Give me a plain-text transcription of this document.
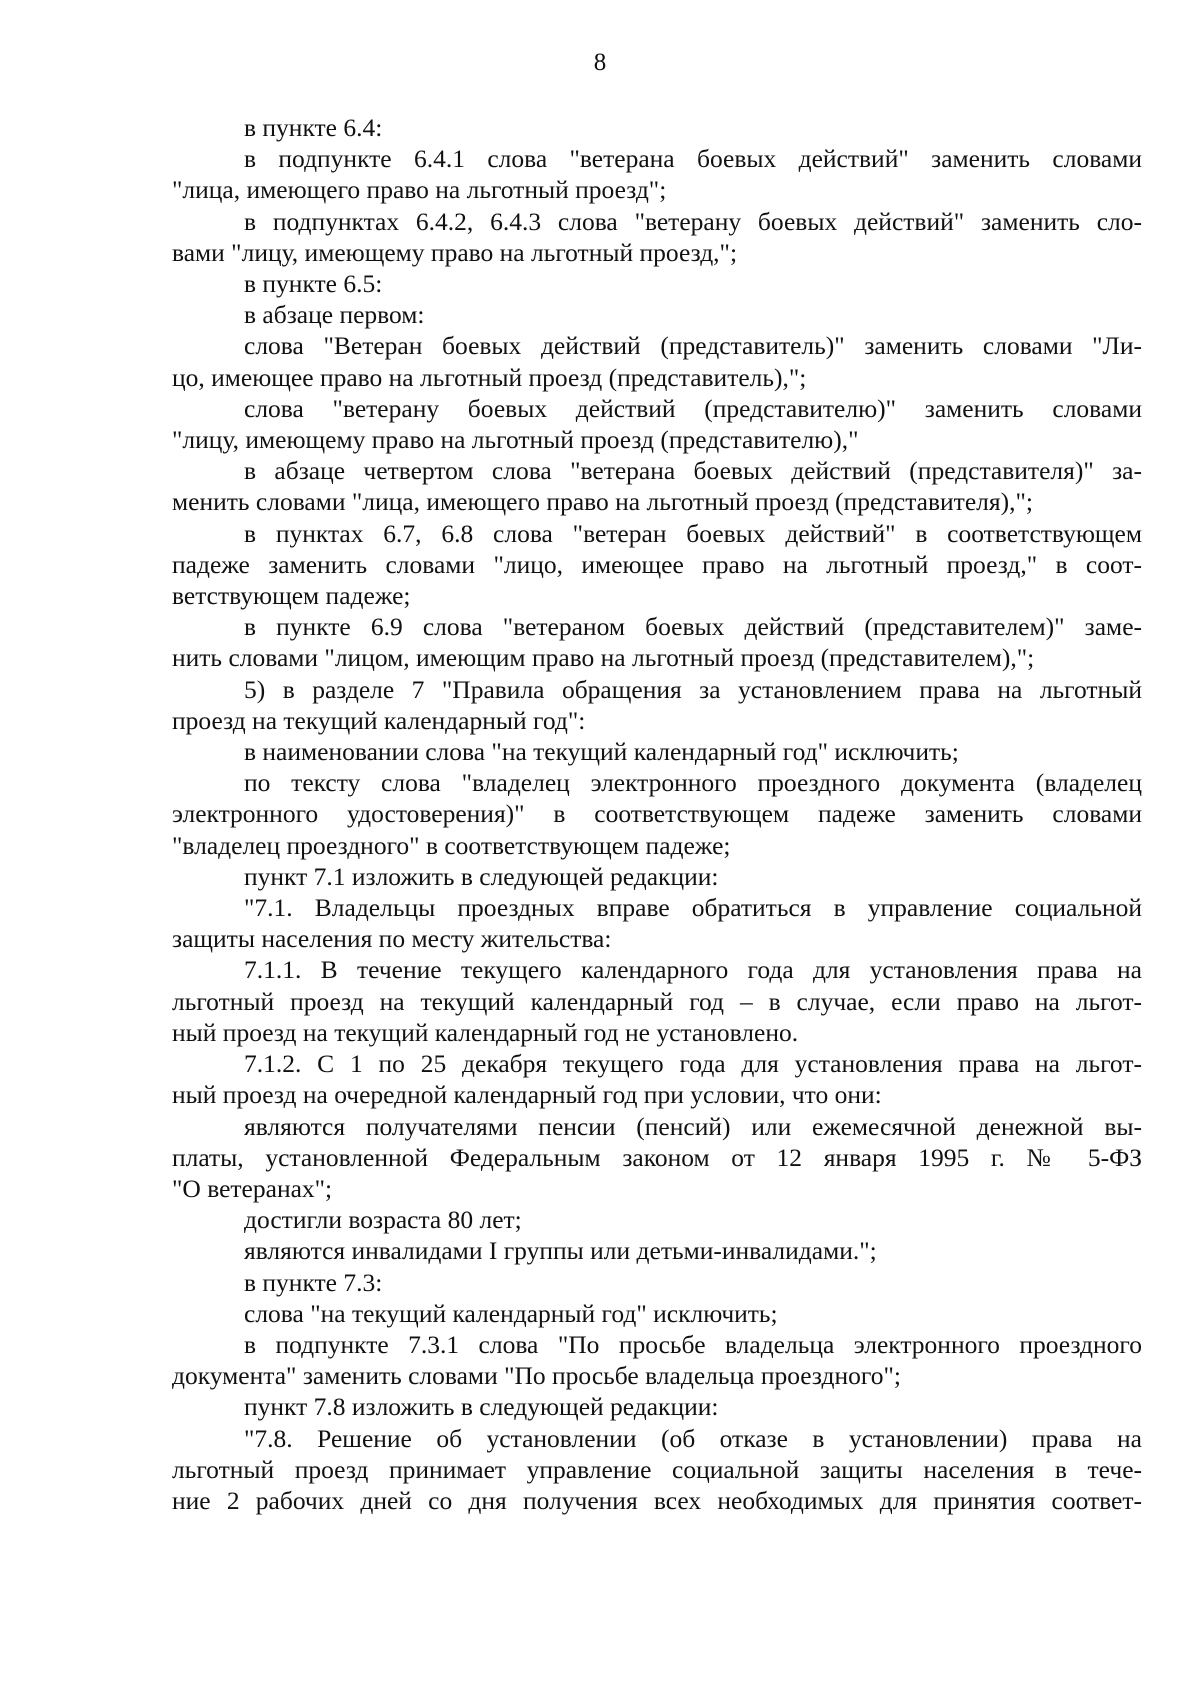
8
в пункте 6.4:
в подпункте 6.4.1 слова "ветерана боевых действий" заменить словами
"лица, имеющего право на льготный проезд";
в подпунктах 6.4.2, 6.4.3 слова "ветерану боевых действий" заменить сло-
вами "лицу, имеющему право на льготный проезд,";
в пункте 6.5:
в абзаце первом:
слова "Ветеран боевых действий (представитель)" заменить словами "Ли-
цо, имеющее право на льготный проезд (представитель),";
слова "ветерану боевых действий (представителю)" заменить словами
"лицу, имеющему право на льготный проезд (представителю),"
в абзаце четвертом слова "ветерана боевых действий (представителя)" за-
менить словами "лица, имеющего право на льготный проезд (представителя),";
в пунктах 6.7, 6.8 слова "ветеран боевых действий" в соответствующем
падеже заменить словами "лицо, имеющее право на льготный проезд," в соот-
ветствующем падеже;
в пункте 6.9 слова "ветераном боевых действий (представителем)" заме-
нить словами "лицом, имеющим право на льготный проезд (представителем),";
5) в разделе 7 "Правила обращения за установлением права на льготный
проезд на текущий календарный год":
в наименовании слова "на текущий календарный год" исключить;
по тексту слова "владелец электронного проездного документа (владелец
электронного удостоверения)" в соответствующем падеже заменить словами
"владелец проездного" в соответствующем падеже;
пункт 7.1 изложить в следующей редакции:
"7.1. Владельцы проездных вправе обратиться в управление социальной
защиты населения по месту жительства:
7.1.1. В течение текущего календарного года для установления права на
льготный проезд на текущий календарный год – в случае, если право на льгот-
ный проезд на текущий календарный год не установлено.
7.1.2. С 1 по 25 декабря текущего года для установления права на льгот-
ный проезд на очередной календарный год при условии, что они:
являются получателями пенсии (пенсий) или ежемесячной денежной вы-
платы, установленной Федеральным законом от 12 января 1995 г. № 5-ФЗ
"О ветеранах";
достигли возраста 80 лет;
являются инвалидами I группы или детьми-инвалидами.";
в пункте 7.3:
слова "на текущий календарный год" исключить;
в подпункте 7.3.1 слова "По просьбе владельца электронного проездного
документа" заменить словами "По просьбе владельца проездного";
пункт 7.8 изложить в следующей редакции:
"7.8. Решение об установлении (об отказе в установлении) права на
льготный проезд принимает управление социальной защиты населения в тече-
ние 2 рабочих дней со дня получения всех необходимых для принятия соответ-
